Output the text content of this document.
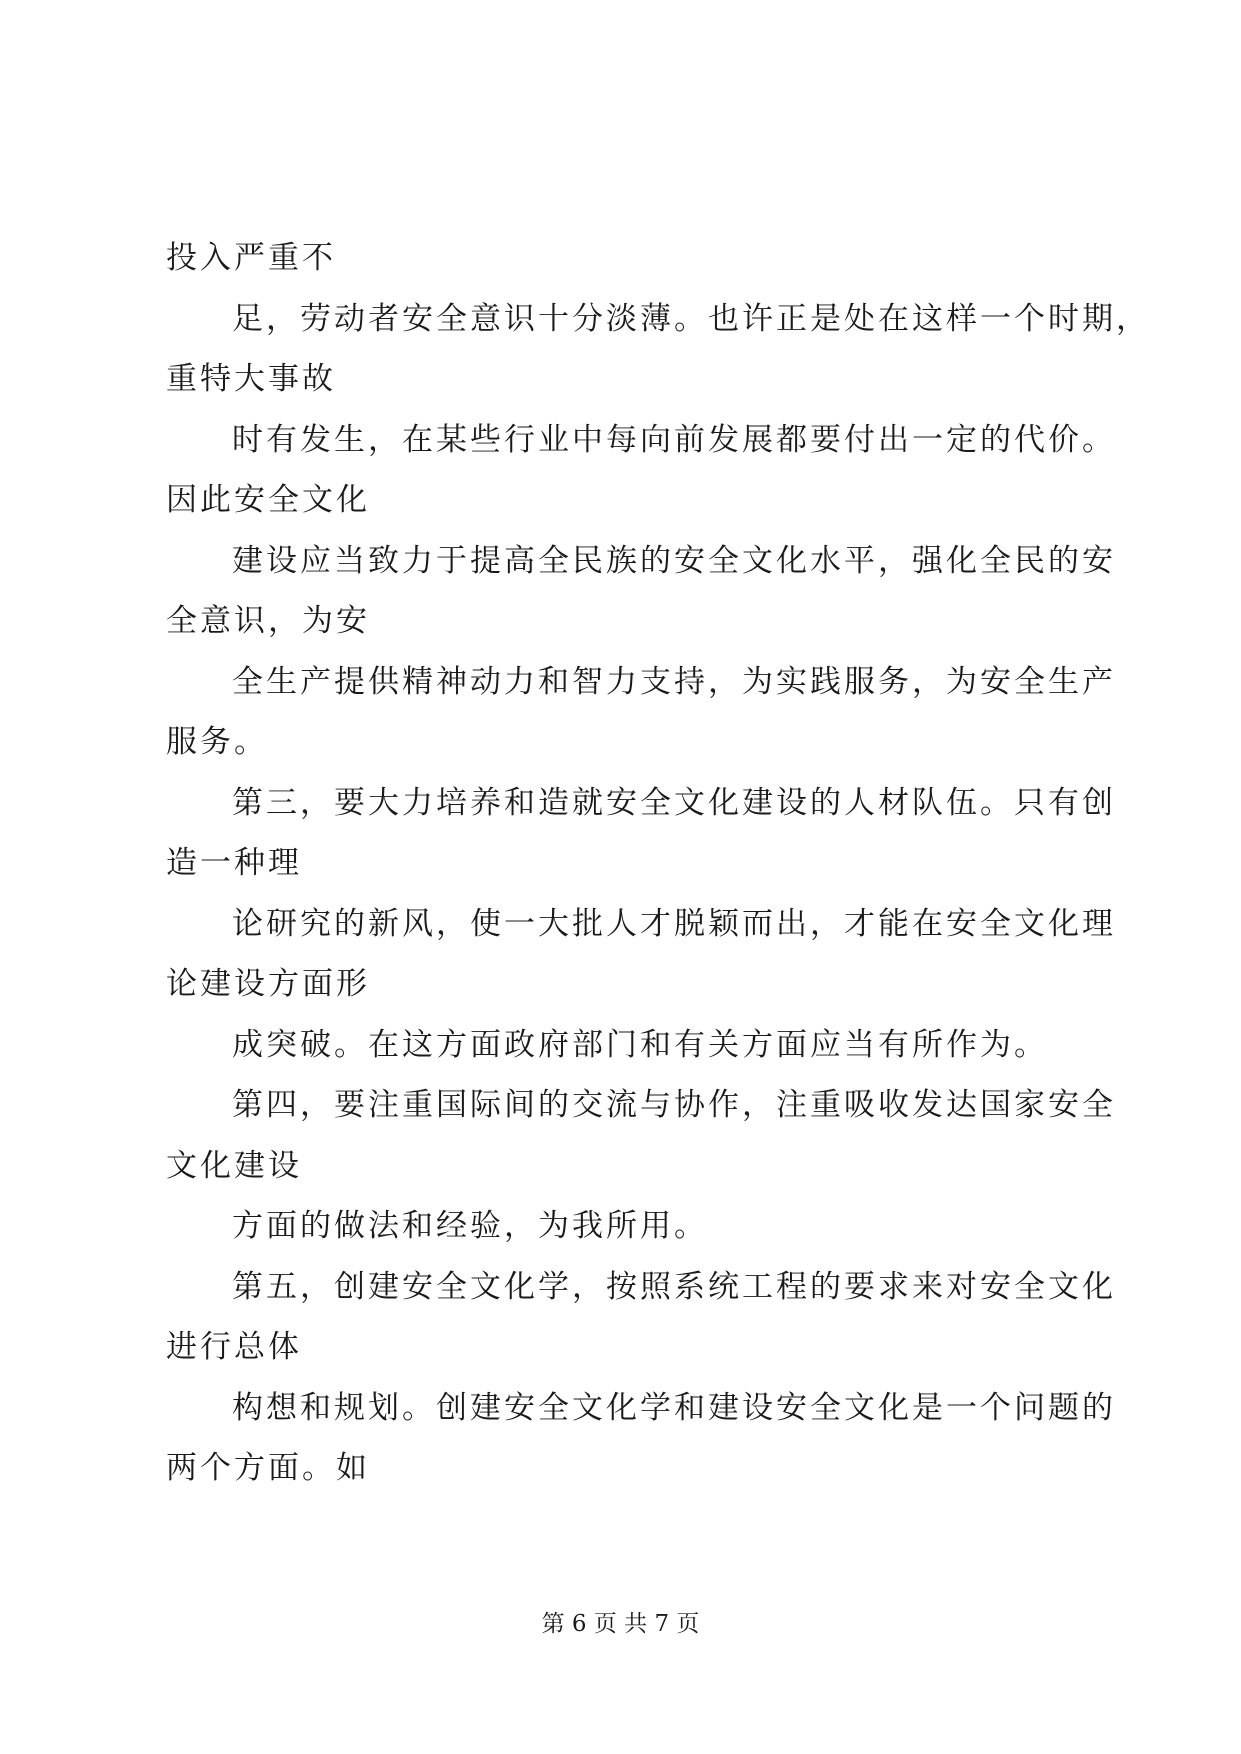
投入严重不
足，劳动者安全意识十分淡薄。也许正是处在这样一个时期，
重特大事故
时有发生，在某些行业中每向前发展都要付出一定的代价。
因此安全文化
建设应当致力于提高全民族的安全文化水平，强化全民的安
全意识，为安
全生产提供精神动力和智力支持，为实践服务，为安全生产
服务。
第三，要大力培养和造就安全文化建设的人材队伍。只有创
造一种理
论研究的新风，使一大批人才脱颖而出，才能在安全文化理
论建设方面形
成突破。在这方面政府部门和有关方面应当有所作为。
第四，要注重国际间的交流与协作，注重吸收发达国家安全
文化建设
方面的做法和经验，为我所用。
第五，创建安全文化学，按照系统工程的要求来对安全文化
进行总体
构想和规划。创建安全文化学和建设安全文化是一个问题的
两个方面。如
第 6 页 共 7 页
